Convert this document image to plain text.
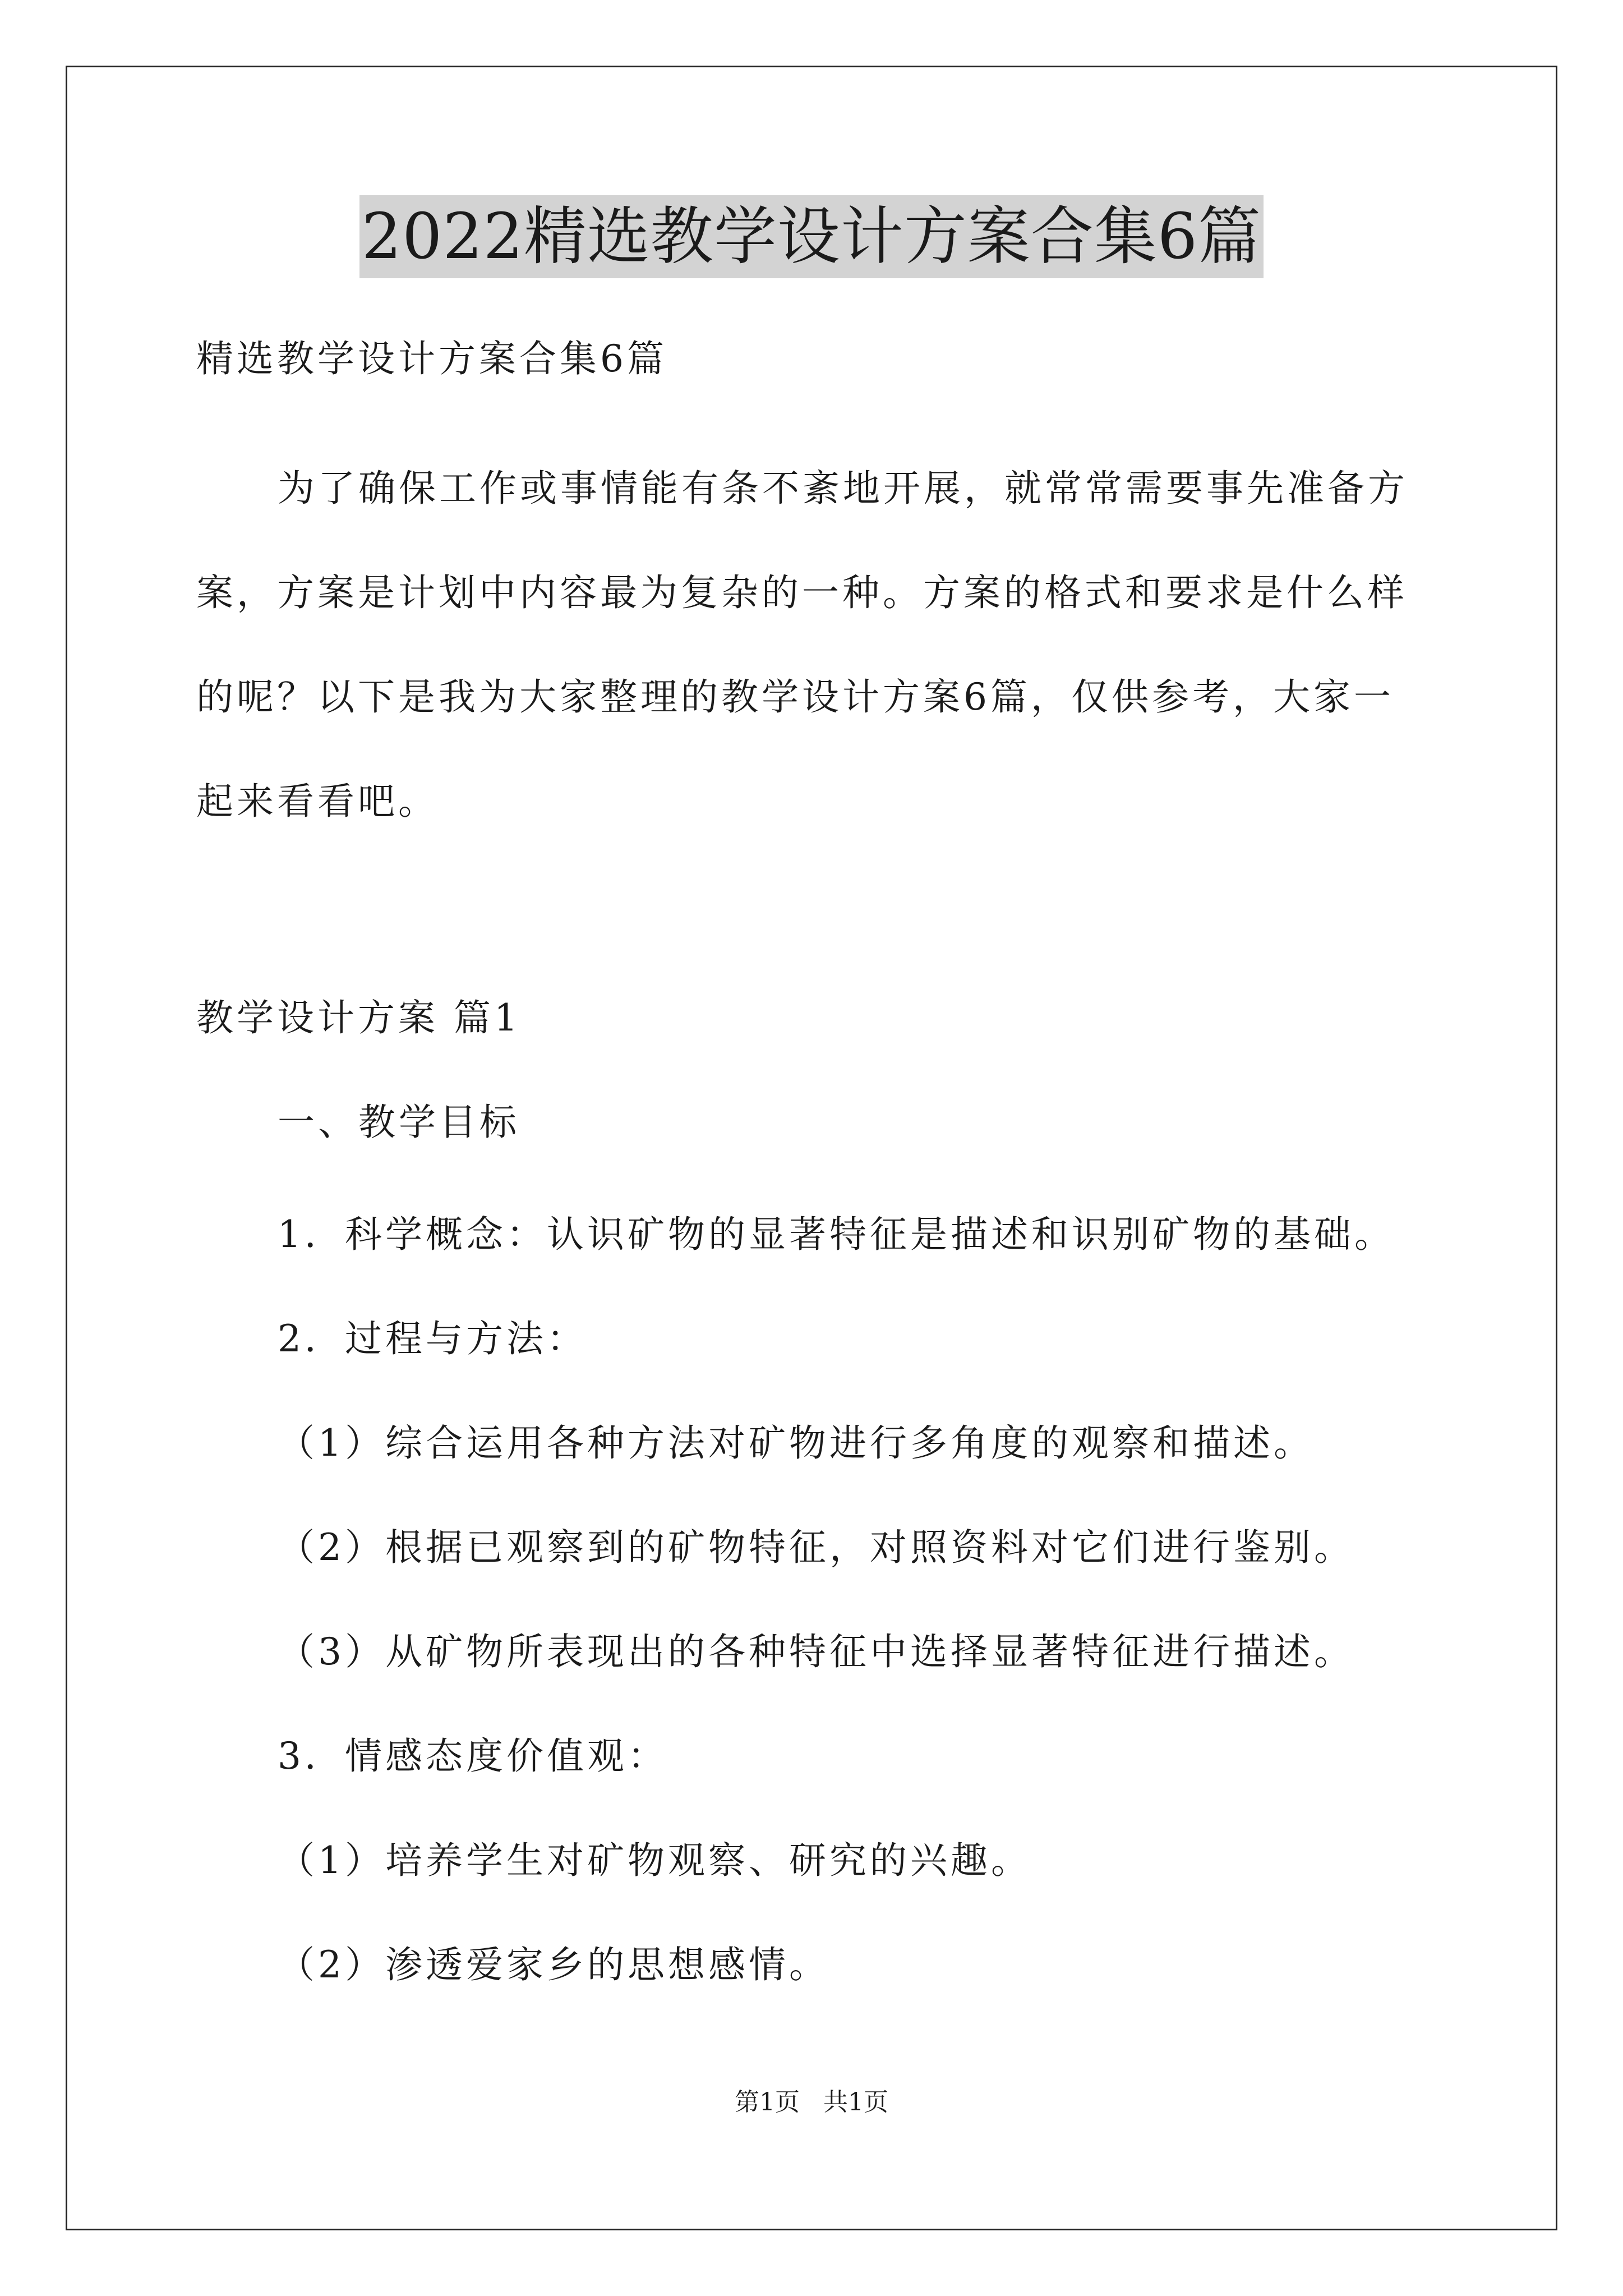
2022精选教学设计方案合集6篇
精选教学设计方案合集6篇
为了确保工作或事情能有条不紊地开展，就常常需要事先准备方
案，方案是计划中内容最为复杂的一种。方案的格式和要求是什么样
的呢？以下是我为大家整理的教学设计方案6篇，仅供参考，大家一
起来看看吧。
教学设计方案 篇1
一、教学目标
1．科学概念：认识矿物的显著特征是描述和识别矿物的基础。
2．过程与方法：
（1）综合运用各种方法对矿物进行多角度的观察和描述。
（2）根据已观察到的矿物特征，对照资料对它们进行鉴别。
（3）从矿物所表现出的各种特征中选择显著特征进行描述。
3．情感态度价值观：
（1）培养学生对矿物观察、研究的兴趣。
（2）渗透爱家乡的思想感情。
第1页   共1页
